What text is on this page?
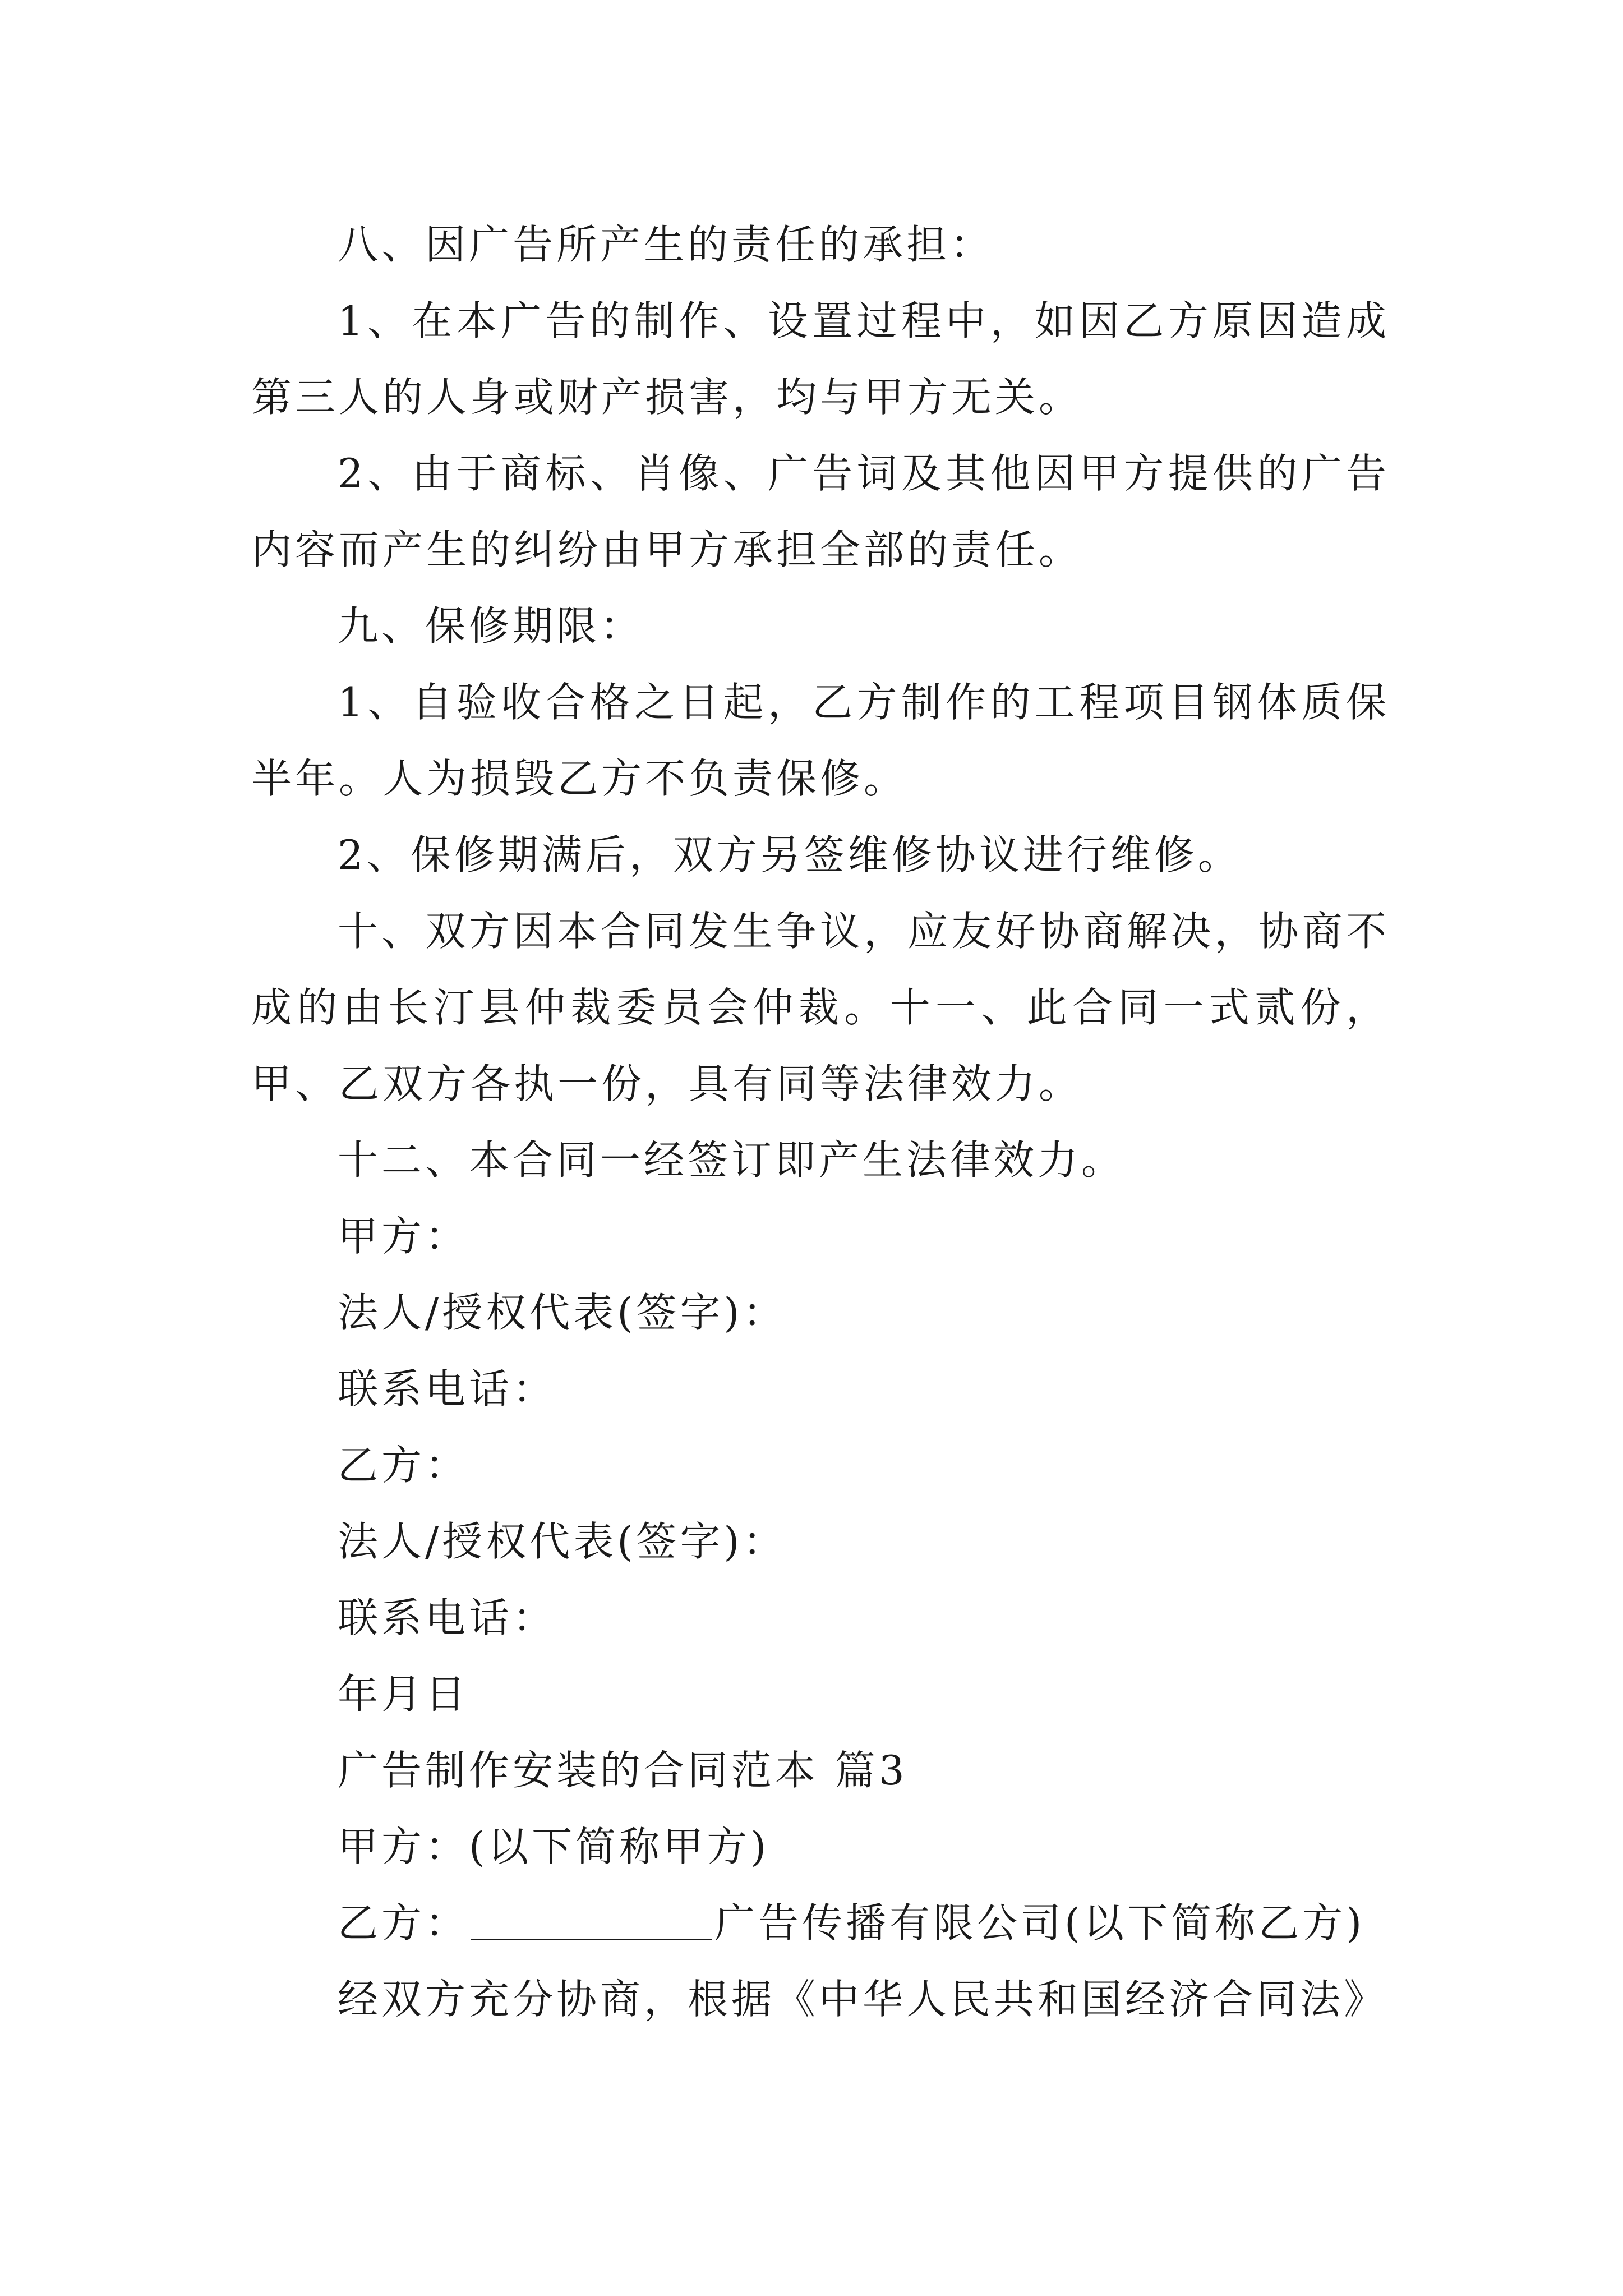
八、因广告所产生的责任的承担：

1、在本广告的制作、设置过程中，如因乙方原因造成第三人的人身或财产损害，均与甲方无关。

2、由于商标、肖像、广告词及其他因甲方提供的广告内容而产生的纠纷由甲方承担全部的责任。

九、保修期限：

1、自验收合格之日起，乙方制作的工程项目钢体质保半年。人为损毁乙方不负责保修。

2、保修期满后，双方另签维修协议进行维修。

十、双方因本合同发生争议，应友好协商解决，协商不成的由长汀县仲裁委员会仲裁。十一、此合同一式贰份，甲、乙双方各执一份，具有同等法律效力。

十二、本合同一经签订即产生法律效力。

甲方：

法人/授权代表(签字)：

联系电话：

乙方：

法人/授权代表(签字)：

联系电话：

年月日

广告制作安装的合同范本 篇3

甲方：(以下简称甲方)

乙方：	广告传播有限公司(以下简称乙方)

经双方充分协商，根据《中华人民共和国经济合同法》
